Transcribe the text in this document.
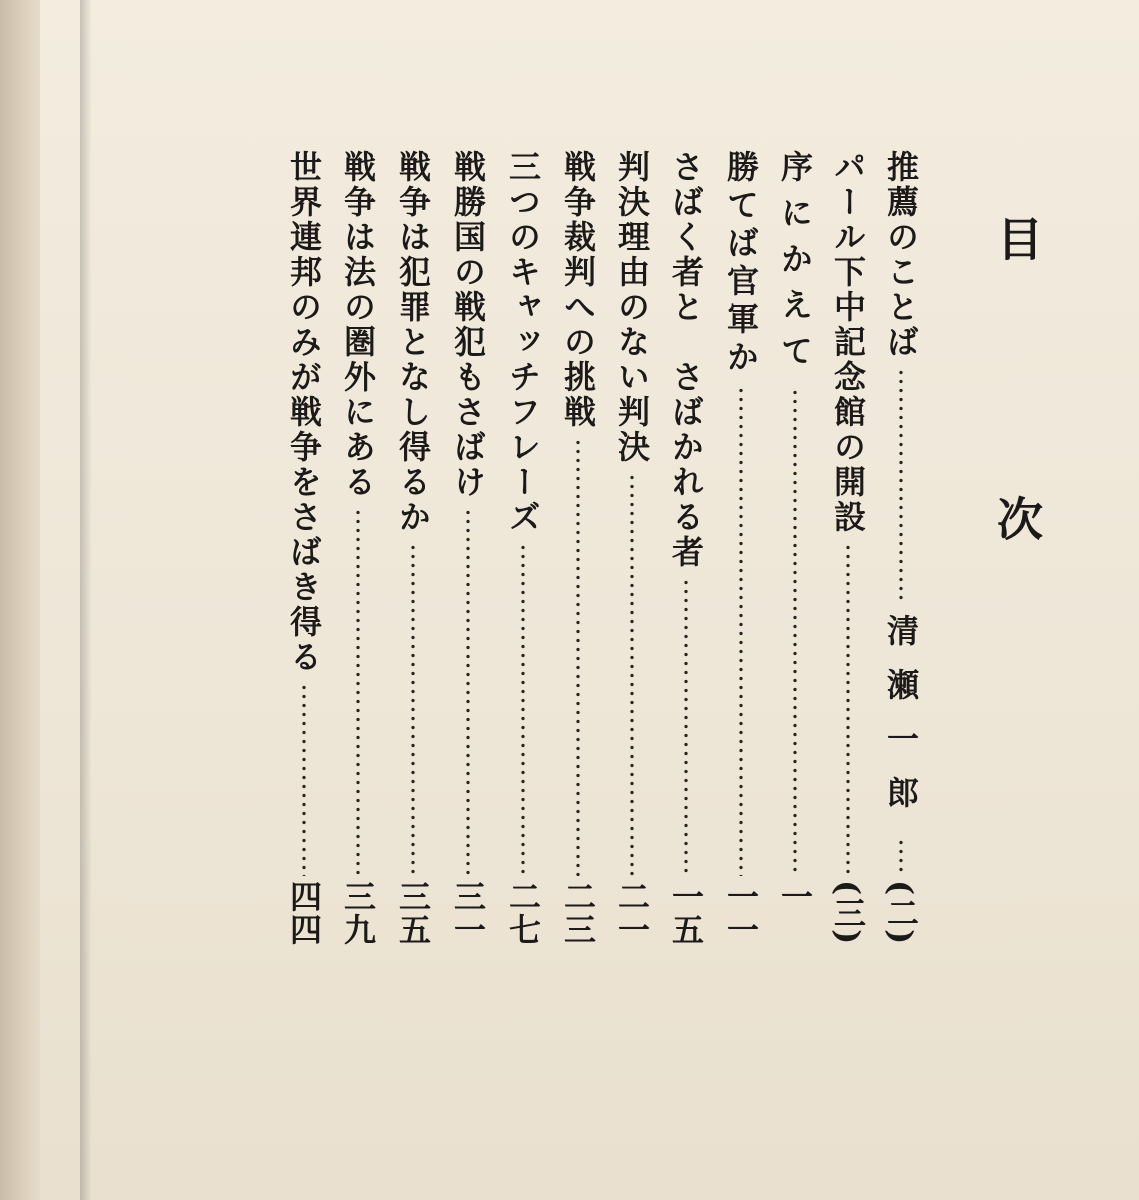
目　次
推薦のことば
清瀬一郎
(二)
パール下中記念館の開設
(三)
序にかえて
一
勝てば官軍か
一一
さばく者と　さばかれる者
一五
判決理由のない判決
二一
戦争裁判への挑戦
二三
三つのキャッチフレーズ
二七
戦勝国の戦犯もさばけ
三一
戦争は犯罪となし得るか
三五
戦争は法の圏外にある
三九
世界連邦のみが戦争をさばき得る
四四
